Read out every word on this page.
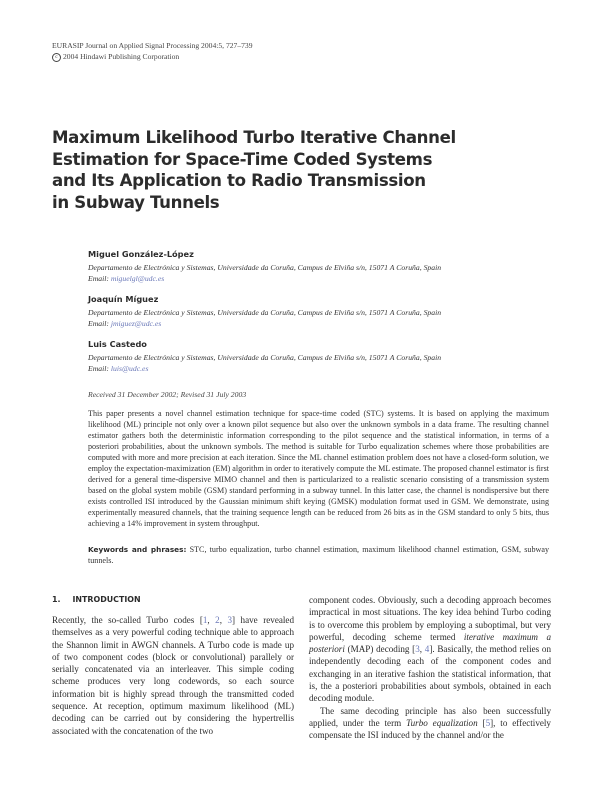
EURASIP Journal on Applied Signal Processing 2004:5, 727–739
c 2004 Hindawi Publishing Corporation
Maximum Likelihood Turbo Iterative Channel
Estimation for Space-Time Coded Systems
and Its Application to Radio Transmission
in Subway Tunnels
Miguel González-López
Departamento de Electrónica y Sistemas, Universidade da Coruña, Campus de Elviña s/n, 15071 A Coruña, Spain
Email: miguelgl@udc.es
Joaquín Míguez
Departamento de Electrónica y Sistemas, Universidade da Coruña, Campus de Elviña s/n, 15071 A Coruña, Spain
Email: jmiguez@udc.es
Luis Castedo
Departamento de Electrónica y Sistemas, Universidade da Coruña, Campus de Elviña s/n, 15071 A Coruña, Spain
Email: luis@udc.es
Received 31 December 2002; Revised 31 July 2003
This paper presents a novel channel estimation technique for space-time coded (STC) systems. It is based on applying the maximum likelihood (ML) principle not only over a known pilot sequence but also over the unknown symbols in a data frame. The resulting channel estimator gathers both the deterministic information corresponding to the pilot sequence and the statistical information, in terms of a posteriori probabilities, about the unknown symbols. The method is suitable for Turbo equalization schemes where those probabilities are computed with more and more precision at each iteration. Since the ML channel estimation problem does not have a closed-form solution, we employ the expectation-maximization (EM) algorithm in order to iteratively compute the ML estimate. The proposed channel estimator is first derived for a general time-dispersive MIMO channel and then is particularized to a realistic scenario consisting of a transmission system based on the global system mobile (GSM) standard performing in a subway tunnel. In this latter case, the channel is nondispersive but there exists controlled ISI introduced by the Gaussian minimum shift keying (GMSK) modulation format used in GSM. We demonstrate, using experimentally measured channels, that the training sequence length can be reduced from 26 bits as in the GSM standard to only 5 bits, thus achieving a 14% improvement in system throughput.
Keywords and phrases: STC, turbo equalization, turbo channel estimation, maximum likelihood channel estimation, GSM, subway tunnels.
1. INTRODUCTION

Recently, the so-called Turbo codes [1, 2, 3] have revealed themselves as a very powerful coding technique able to approach the Shannon limit in AWGN channels. A Turbo code is made up of two component codes (block or convolutional) parallely or serially concatenated via an interleaver. This simple coding scheme produces very long codewords, so each source information bit is highly spread through the transmitted coded sequence. At reception, optimum maximum likelihood (ML) decoding can be carried out by considering the hypertrellis associated with the concatenation of the two

component codes. Obviously, such a decoding approach becomes impractical in most situations. The key idea behind Turbo coding is to overcome this problem by employing a suboptimal, but very powerful, decoding scheme termed iterative maximum a posteriori (MAP) decoding [3, 4]. Basically, the method relies on independently decoding each of the component codes and exchanging in an iterative fashion the statistical information, that is, the a posteriori probabilities about symbols, obtained in each decoding module.

The same decoding principle has also been successfully applied, under the term Turbo equalization [5], to effectively compensate the ISI induced by the channel and/or the
